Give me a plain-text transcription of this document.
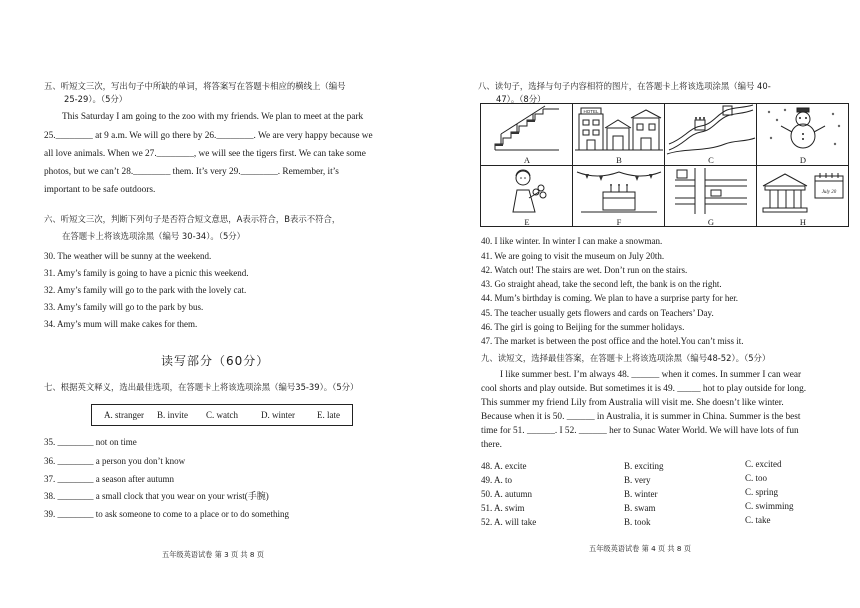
五、听短文三次，写出句子中所缺的单词，将答案写在答题卡相应的横线上（编号
25-29）。（5分）
This Saturday I am going to the zoo with my friends. We plan to meet at the park
25.________ at 9 a.m. We will go there by 26.________. We are very happy because we
all love animals. When we 27.________, we will see the tigers first. We can take some
photos, but we can’t 28.________ them. It’s very 29.________. Remember, it’s
important to be safe outdoors.
六、听短文三次，判断下列句子是否符合短文意思，A表示符合，B表示不符合，
在答题卡上将该选项涂黑（编号 30-34）。（5分）
30. The weather will be sunny at the weekend.
31. Amy’s family is going to have a picnic this weekend.
32. Amy’s family will go to the park with the lovely cat.
33. Amy’s family will go to the park by bus.
34. Amy’s mum will make cakes for them.
读写部分（60分）
七、根据英文释义，选出最佳选项，在答题卡上将该选项涂黑（编号35-39）。（5分）
A. stranger B. invite C. watch	D. winter E. late
35. ________ not on time
36. ________ a person you don’t know
37. ________ a season after autumn
38. ________ a small clock that you wear on your wrist(手腕)
39. ________ to ask someone to come to a place or to do something
五年级英语试卷 第 3 页 共 8 页
八、读句子，选择与句子内容相符的图片，在答题卡上将该选项涂黑（编号 40-
47）。（8分）
A
HOTEL
B	C	D
E	F	G
July 20
H
40. I like winter. In winter I can make a snowman.
41. We are going to visit the museum on July 20th.
42. Watch out! The stairs are wet. Don’t run on the stairs.
43. Go straight ahead, take the second left, the bank is on the right.
44. Mum’s birthday is coming. We plan to have a surprise party for her.
45. The teacher usually gets flowers and cards on Teachers’ Day.
46. The girl is going to Beijing for the summer holidays.
47. The market is between the post office and the hotel.You can’t miss it.
九、读短文，选择最佳答案，在答题卡上将该选项涂黑（编号48-52）。（5分）
I like summer best. I’m always 48. ______ when it comes. In summer I can wear
cool shorts and play outside. But sometimes it is 49. _____ hot to play outside for long.
This summer my friend Lily from Australia will visit me. She doesn’t like winter.
Because when it is 50. ______ in Australia, it is summer in China. Summer is the best
time for 51. ______. I 52. ______ her to Sunac Water World. We will have lots of fun
there.
48. A. excite	B. exciting	C. excited
49. A. to	B. very	C. too
50. A. autumn	B. winter	C. spring
51. A. swim	B. swam	C. swimming
52. A. will take	B. took	C. take
五年级英语试卷 第 4 页 共 8 页
